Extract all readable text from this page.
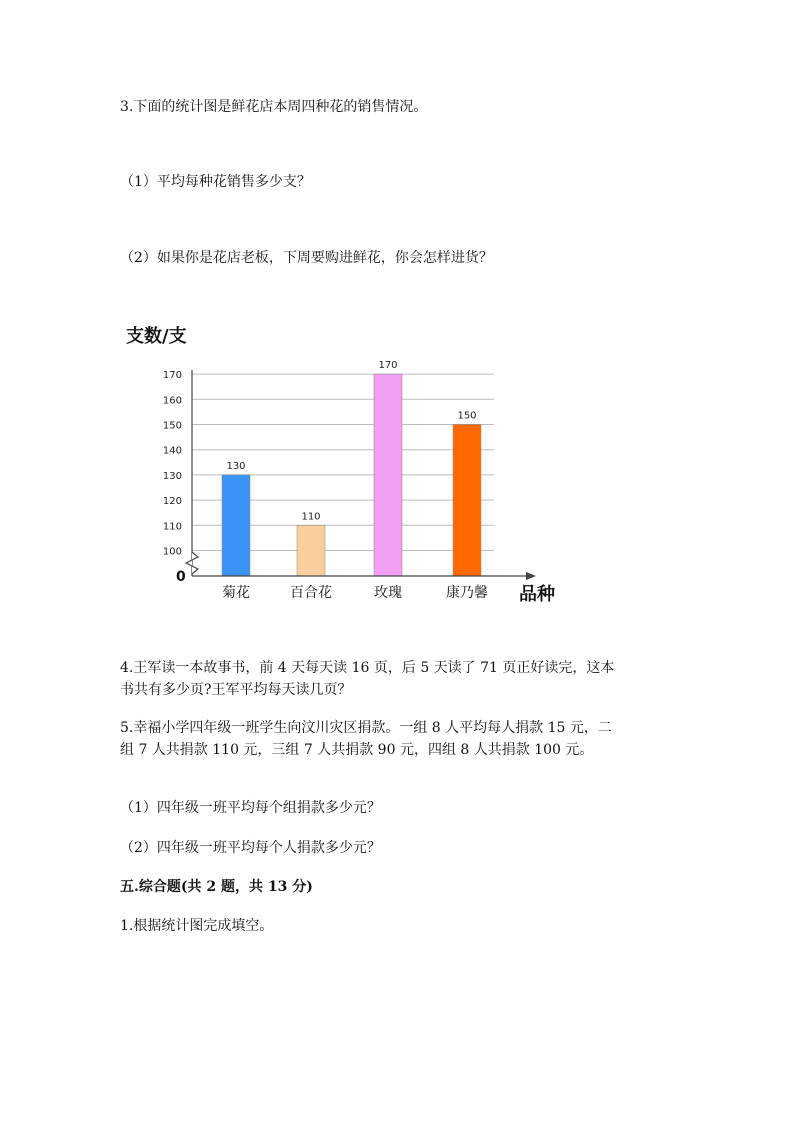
3.下面的统计图是鲜花店本周四种花的销售情况。
（1）平均每种花销售多少支？
（2）如果你是花店老板，下周要购进鲜花，你会怎样进货？
支数/支
100
110
120
130
140
150
160
170
130
110
170
150
菊花	百合花	玫瑰	康乃馨
0
品种
4.王军读一本故事书，前 4 天每天读 16 页，后 5 天读了 71 页正好读完，这本
书共有多少页?王军平均每天读几页？
5.幸福小学四年级一班学生向汶川灾区捐款。一组 8 人平均每人捐款 15 元，二
组 7 人共捐款 110 元，三组 7 人共捐款 90 元，四组 8 人共捐款 100 元。
（1）四年级一班平均每个组捐款多少元？
（2）四年级一班平均每个人捐款多少元？
五.综合题(共 2 题，共 13 分)
1.根据统计图完成填空。
